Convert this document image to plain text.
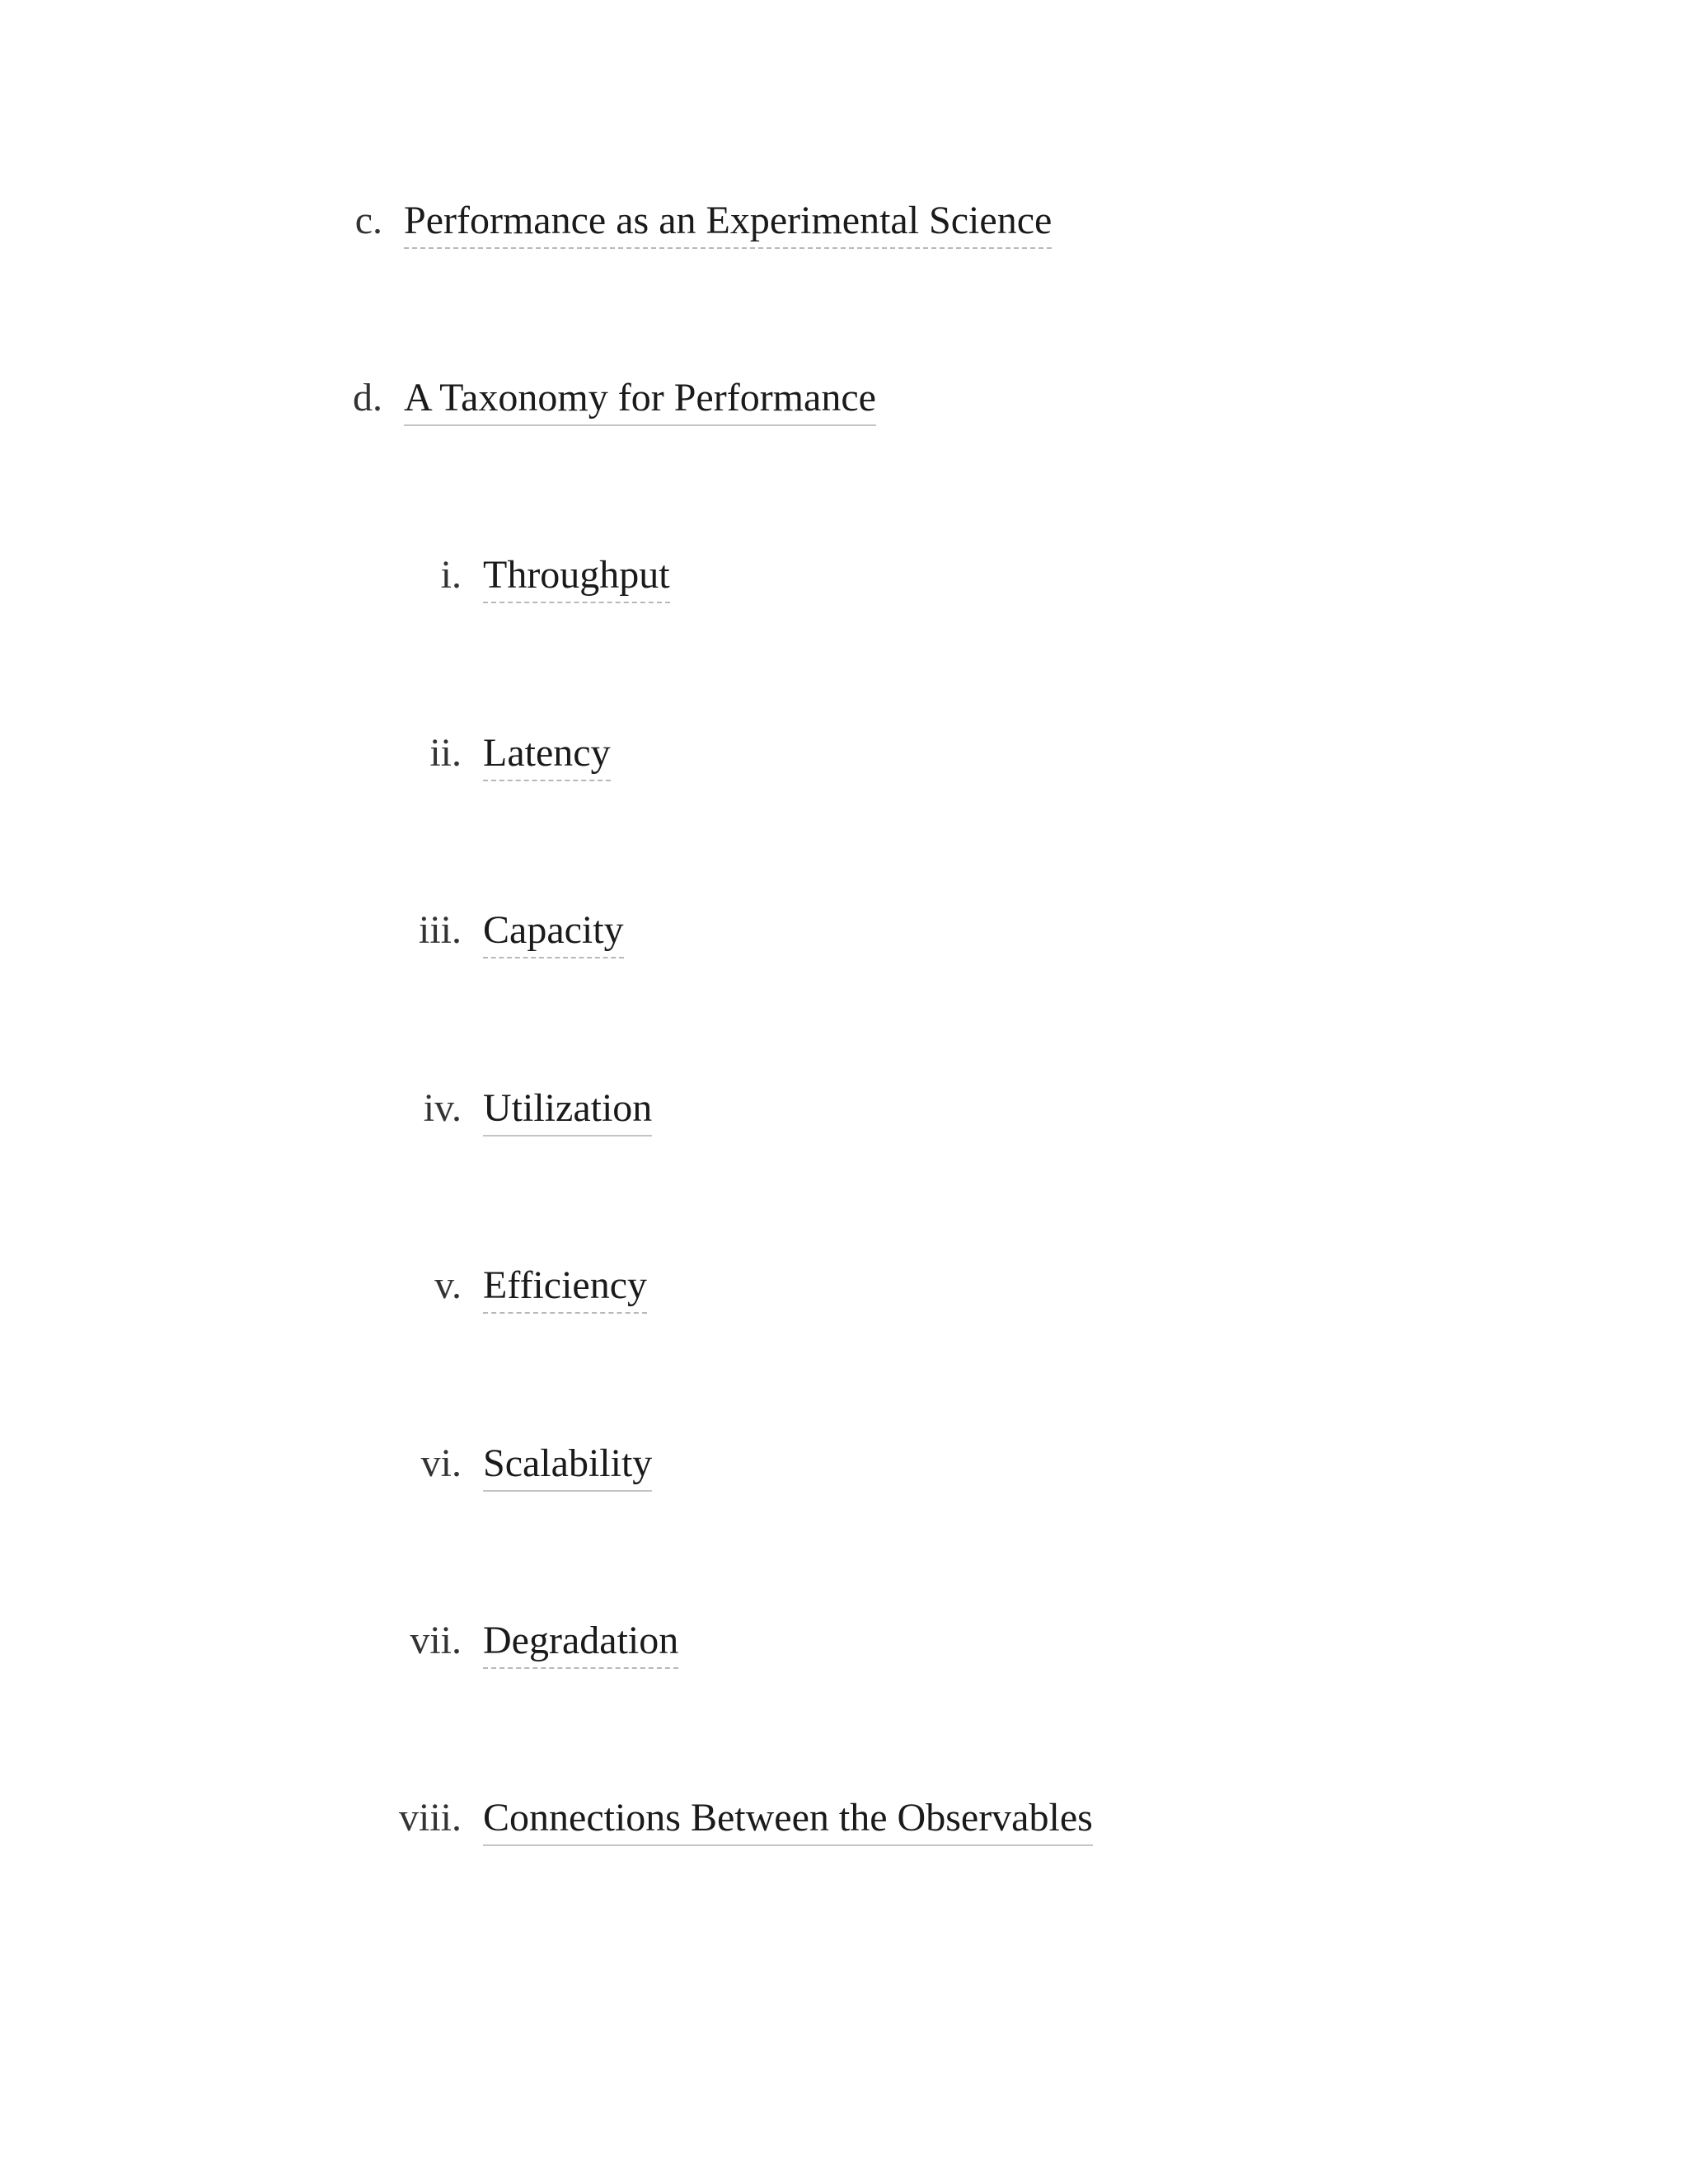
c. Performance as an Experimental Science
d. A Taxonomy for Performance
i. Throughput
ii. Latency
iii. Capacity
iv. Utilization
v. Efficiency
vi. Scalability
vii. Degradation
viii. Connections Between the Observables
